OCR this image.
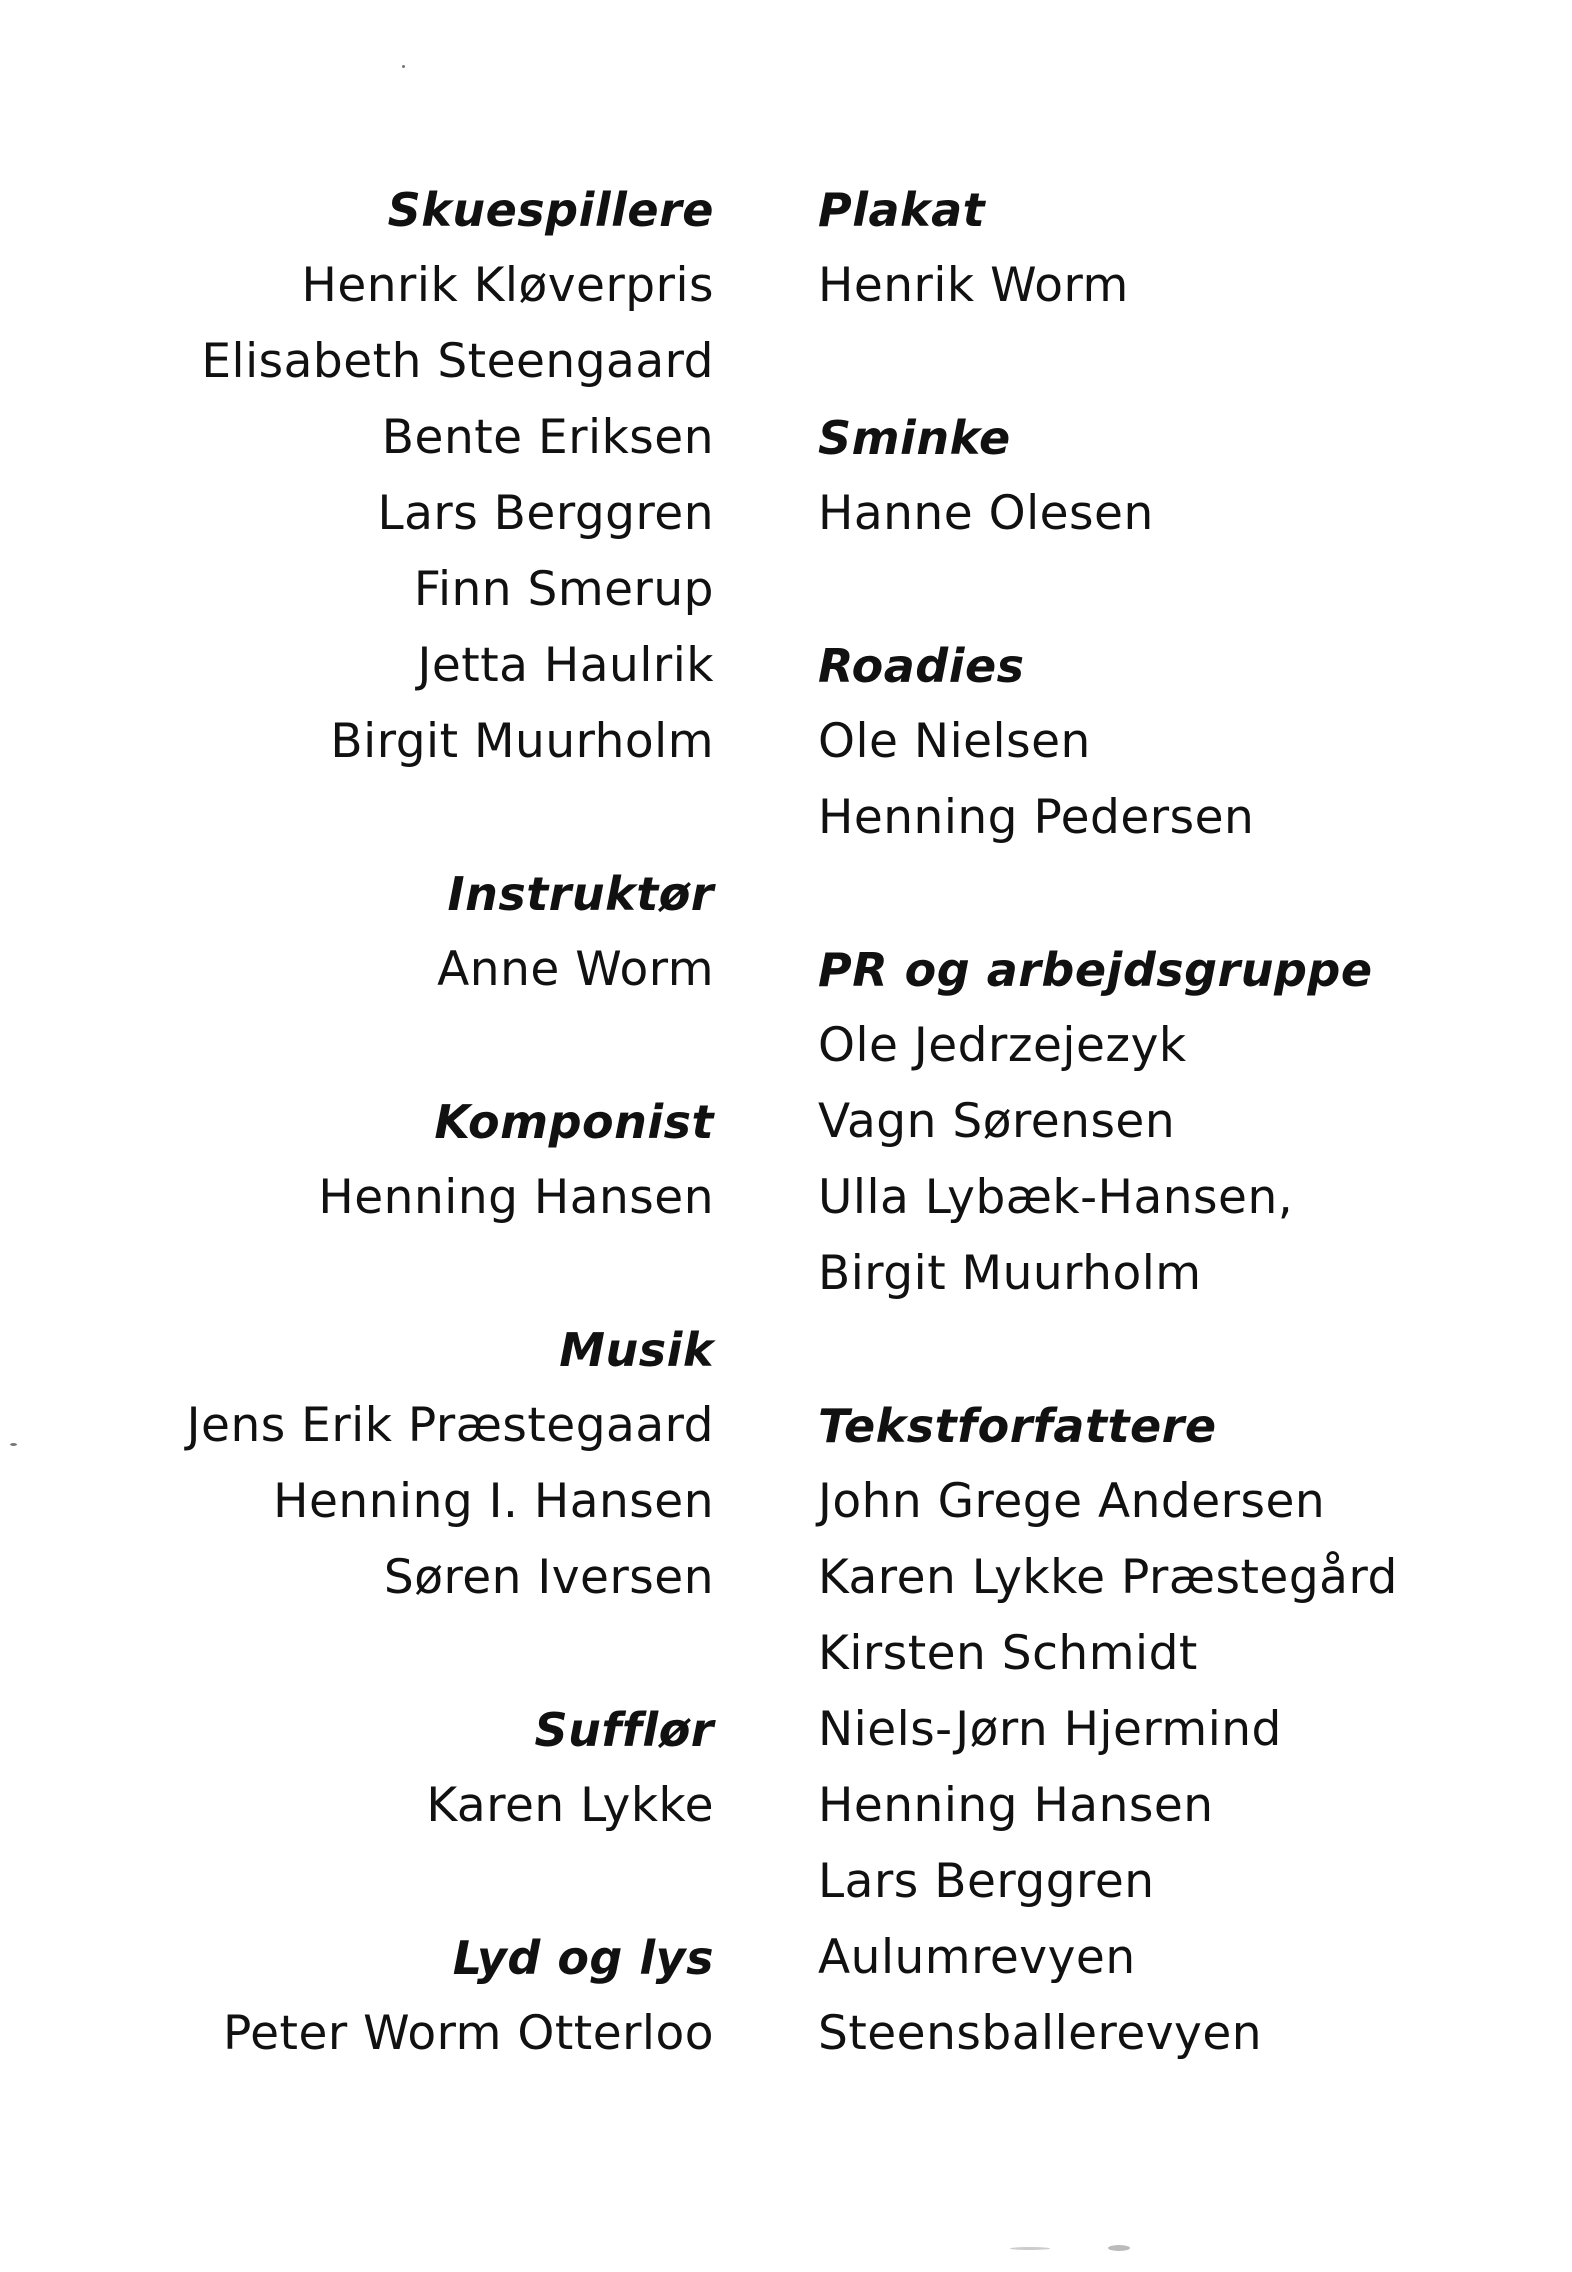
Skuespillere
Henrik Kløverpris
Elisabeth Steengaard
Bente Eriksen
Lars Berggren
Finn Smerup
Jetta Haulrik
Birgit Muurholm
Instruktør
Anne Worm
Komponist
Henning Hansen
Musik
Jens Erik Præstegaard
Henning I. Hansen
Søren Iversen
Sufflør
Karen Lykke
Lyd og lys
Peter Worm Otterloo
Plakat
Henrik Worm
Sminke
Hanne Olesen
Roadies
Ole Nielsen
Henning Pedersen
PR og arbejdsgruppe
Ole Jedrzejezyk
Vagn Sørensen
Ulla Lybæk-Hansen,
Birgit Muurholm
Tekstforfattere
John Grege Andersen
Karen Lykke Præstegård
Kirsten Schmidt
Niels-Jørn Hjermind
Henning Hansen
Lars Berggren
Aulumrevyen
Steensballerevyen
